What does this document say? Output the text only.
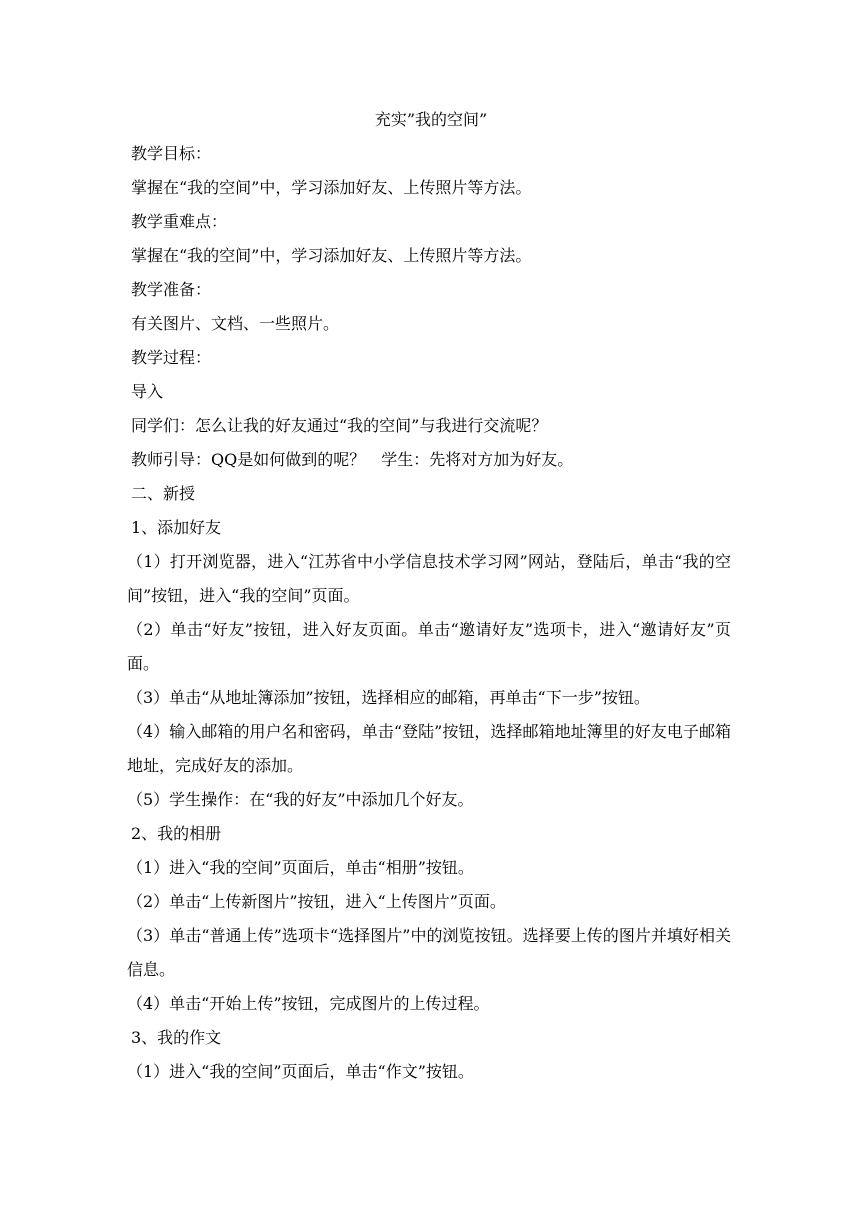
充实”我的空间”
教学目标：
掌握在“我的空间”中，学习添加好友、上传照片等方法。
教学重难点：
掌握在“我的空间”中，学习添加好友、上传照片等方法。
教学准备：
有关图片、文档、一些照片。
教学过程：
导入
同学们：怎么让我的好友通过“我的空间”与我进行交流呢？
教师引导：QQ是如何做到的呢？　学生：先将对方加为好友。
二、新授
1、添加好友
（1）打开浏览器，进入“江苏省中小学信息技术学习网”网站，登陆后，单击“我的空间”按钮，进入“我的空间”页面。
（2）单击“好友”按钮，进入好友页面。单击“邀请好友”选项卡，进入“邀请好友”页面。
（3）单击“从地址簿添加”按钮，选择相应的邮箱，再单击“下一步”按钮。
（4）输入邮箱的用户名和密码，单击“登陆”按钮，选择邮箱地址簿里的好友电子邮箱地址，完成好友的添加。
（5）学生操作：在“我的好友”中添加几个好友。
2、我的相册
（1）进入“我的空间”页面后，单击“相册”按钮。
（2）单击“上传新图片”按钮，进入“上传图片”页面。
（3）单击“普通上传”选项卡“选择图片”中的浏览按钮。选择要上传的图片并填好相关信息。
（4）单击“开始上传”按钮，完成图片的上传过程。
3、我的作文
（1）进入“我的空间”页面后，单击“作文”按钮。
